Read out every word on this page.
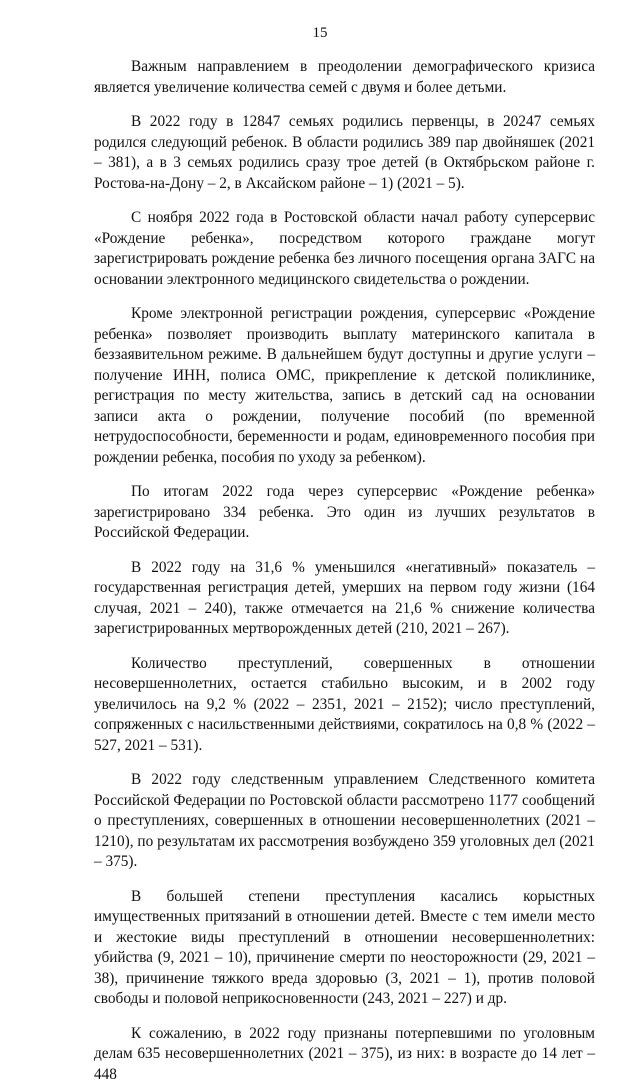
15

Важным направлением в преодолении демографического кризиса является увеличение количества семей с двумя и более детьми.

В 2022 году в 12847 семьях родились первенцы, в 20247 семьях родился следующий ребенок. В области родились 389 пар двойняшек (2021 – 381), а в 3 семьях родились сразу трое детей (в Октябрьском районе г. Ростова-на-Дону – 2, в Аксайском районе – 1) (2021 – 5).

С ноября 2022 года в Ростовской области начал работу суперсервис «Рождение ребенка», посредством которого граждане могут зарегистрировать рождение ребенка без личного посещения органа ЗАГС на основании электронного медицинского свидетельства о рождении.

Кроме электронной регистрации рождения, суперсервис «Рождение ребенка» позволяет производить выплату материнского капитала в беззаявительном режиме. В дальнейшем будут доступны и другие услуги – получение ИНН, полиса ОМС, прикрепление к детской поликлинике, регистрация по месту жительства, запись в детский сад на основании записи акта о рождении, получение пособий (по временной нетрудоспособности, беременности и родам, единовременного пособия при рождении ребенка, пособия по уходу за ребенком).

По итогам 2022 года через суперсервис «Рождение ребенка» зарегистрировано 334 ребенка. Это один из лучших результатов в Российской Федерации.

В 2022 году на 31,6 % уменьшился «негативный» показатель – государственная регистрация детей, умерших на первом году жизни (164 случая, 2021 – 240), также отмечается на 21,6 % снижение количества зарегистрированных мертворожденных детей (210, 2021 – 267).

Количество преступлений, совершенных в отношении несовершеннолетних, остается стабильно высоким, и в 2002 году увеличилось на 9,2 % (2022 – 2351, 2021 – 2152); число преступлений, сопряженных с насильственными действиями, сократилось на 0,8 % (2022 – 527, 2021 – 531).

В 2022 году следственным управлением Следственного комитета Российской Федерации по Ростовской области рассмотрено 1177 сообщений о преступлениях, совершенных в отношении несовершеннолетних (2021 – 1210), по результатам их рассмотрения возбуждено 359 уголовных дел (2021 – 375).

В большей степени преступления касались корыстных имущественных притязаний в отношении детей. Вместе с тем имели место и жестокие виды преступлений в отношении несовершеннолетних: убийства (9, 2021 – 10), причинение смерти по неосторожности (29, 2021 – 38), причинение тяжкого вреда здоровью (3, 2021 – 1), против половой свободы и половой неприкосновенности (243, 2021 – 227) и др.

К сожалению, в 2022 году признаны потерпевшими по уголовным делам 635 несовершеннолетних (2021 – 375), из них: в возрасте до 14 лет – 448
